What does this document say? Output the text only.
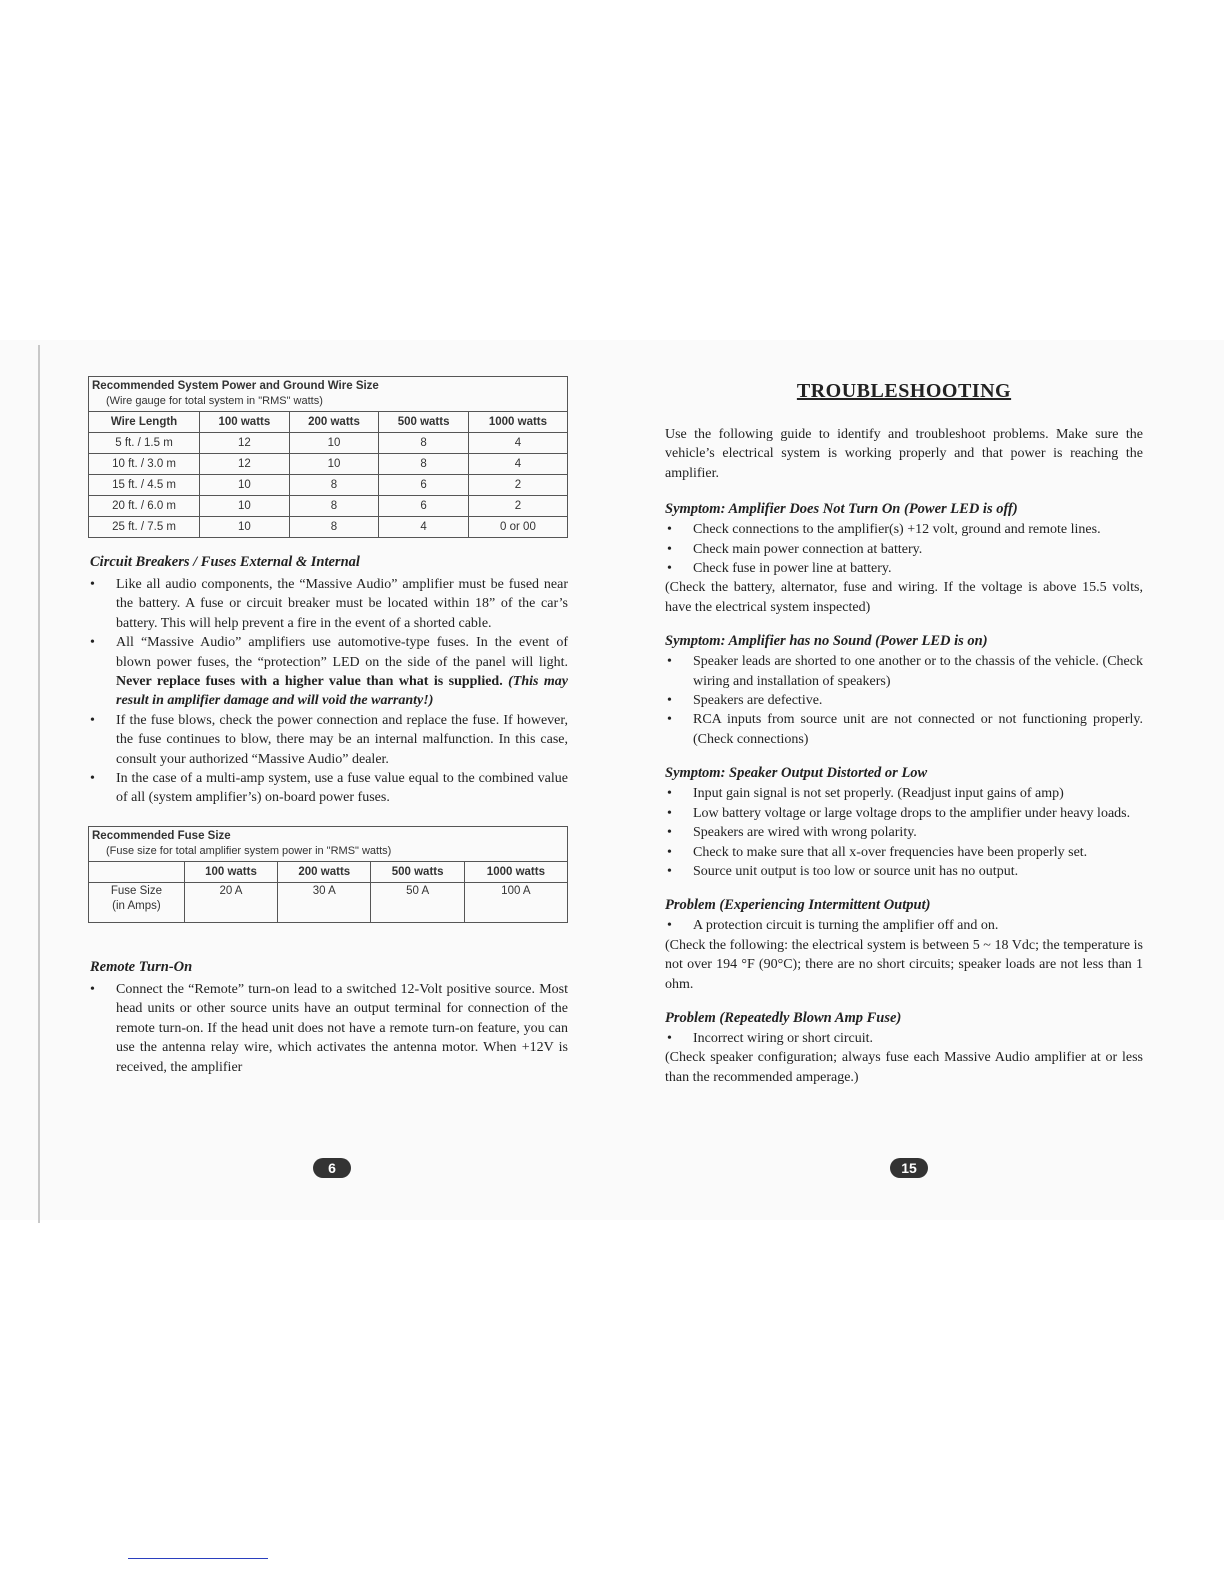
Recommended System Power and Ground Wire Size
(Wire gauge for total system in "RMS" watts)				

Wire Length	100 watts	200 watts	500 watts	1000 watts
5 ft. / 1.5 m	12	10	8	4
10 ft. / 3.0 m	12	10	8	4
15 ft. / 4.5 m	10	8	6	2
20 ft. / 6.0 m	10	8	6	2
25 ft. / 7.5 m	10	8	4	0 or 00
Circuit Breakers / Fuses External & Internal
• Like all audio components, the “Massive Audio” amplifier must be fused near the battery. A fuse or circuit breaker must be located within 18” of the car’s battery. This will help prevent a fire in the event of a shorted cable.
• All “Massive Audio” amplifiers use automotive-type fuses. In the event of blown power fuses, the “protection” LED on the side of the panel will light. Never replace fuses with a higher value than what is supplied. (This may result in amplifier damage and will void the warranty!)
• If the fuse blows, check the power connection and replace the fuse. If however, the fuse continues to blow, there may be an internal malfunction. In this case, consult your authorized “Massive Audio” dealer.
• In the case of a multi-amp system, use a fuse value equal to the combined value of all (system amplifier’s) on-board power fuses.
Recommended Fuse Size
(Fuse size for total amplifier system power in "RMS" watts)				

	100 watts	200 watts	500 watts	1000 watts

Fuse Size
(in Amps)	20 A	30 A	50 A	100 A
Remote Turn-On
• Connect the “Remote” turn-on lead to a switched 12-Volt positive source. Most head units or other source units have an output terminal for connection of the remote turn-on. If the head unit does not have a remote turn-on feature, you can use the antenna relay wire, which activates the antenna motor. When +12V is received, the amplifier
6
TROUBLESHOOTING
Use the following guide to identify and troubleshoot problems. Make sure the vehicle’s electrical system is working properly and that power is reaching the amplifier.
Symptom: Amplifier Does Not Turn On (Power LED is off)
• Check connections to the amplifier(s) +12 volt, ground and remote lines.
• Check main power connection at battery.
• Check fuse in power line at battery.
(Check the battery, alternator, fuse and wiring. If the voltage is above 15.5 volts, have the electrical system inspected)
Symptom: Amplifier has no Sound (Power LED is on)
• Speaker leads are shorted to one another or to the chassis of the vehicle. (Check wiring and installation of speakers)
• Speakers are defective.
• RCA inputs from source unit are not connected or not functioning properly. (Check connections)
Symptom: Speaker Output Distorted or Low
• Input gain signal is not set properly. (Readjust input gains of amp)
• Low battery voltage or large voltage drops to the amplifier under heavy loads.
• Speakers are wired with wrong polarity.
• Check to make sure that all x-over frequencies have been properly set.
• Source unit output is too low or source unit has no output.
Problem (Experiencing Intermittent Output)
• A protection circuit is turning the amplifier off and on.
(Check the following: the electrical system is between 5 ~ 18 Vdc; the temperature is not over 194 °F (90°C); there are no short circuits; speaker loads are not less than 1 ohm.
Problem (Repeatedly Blown Amp Fuse)
• Incorrect wiring or short circuit.
(Check speaker configuration; always fuse each Massive Audio amplifier at or less than the recommended amperage.)
15
